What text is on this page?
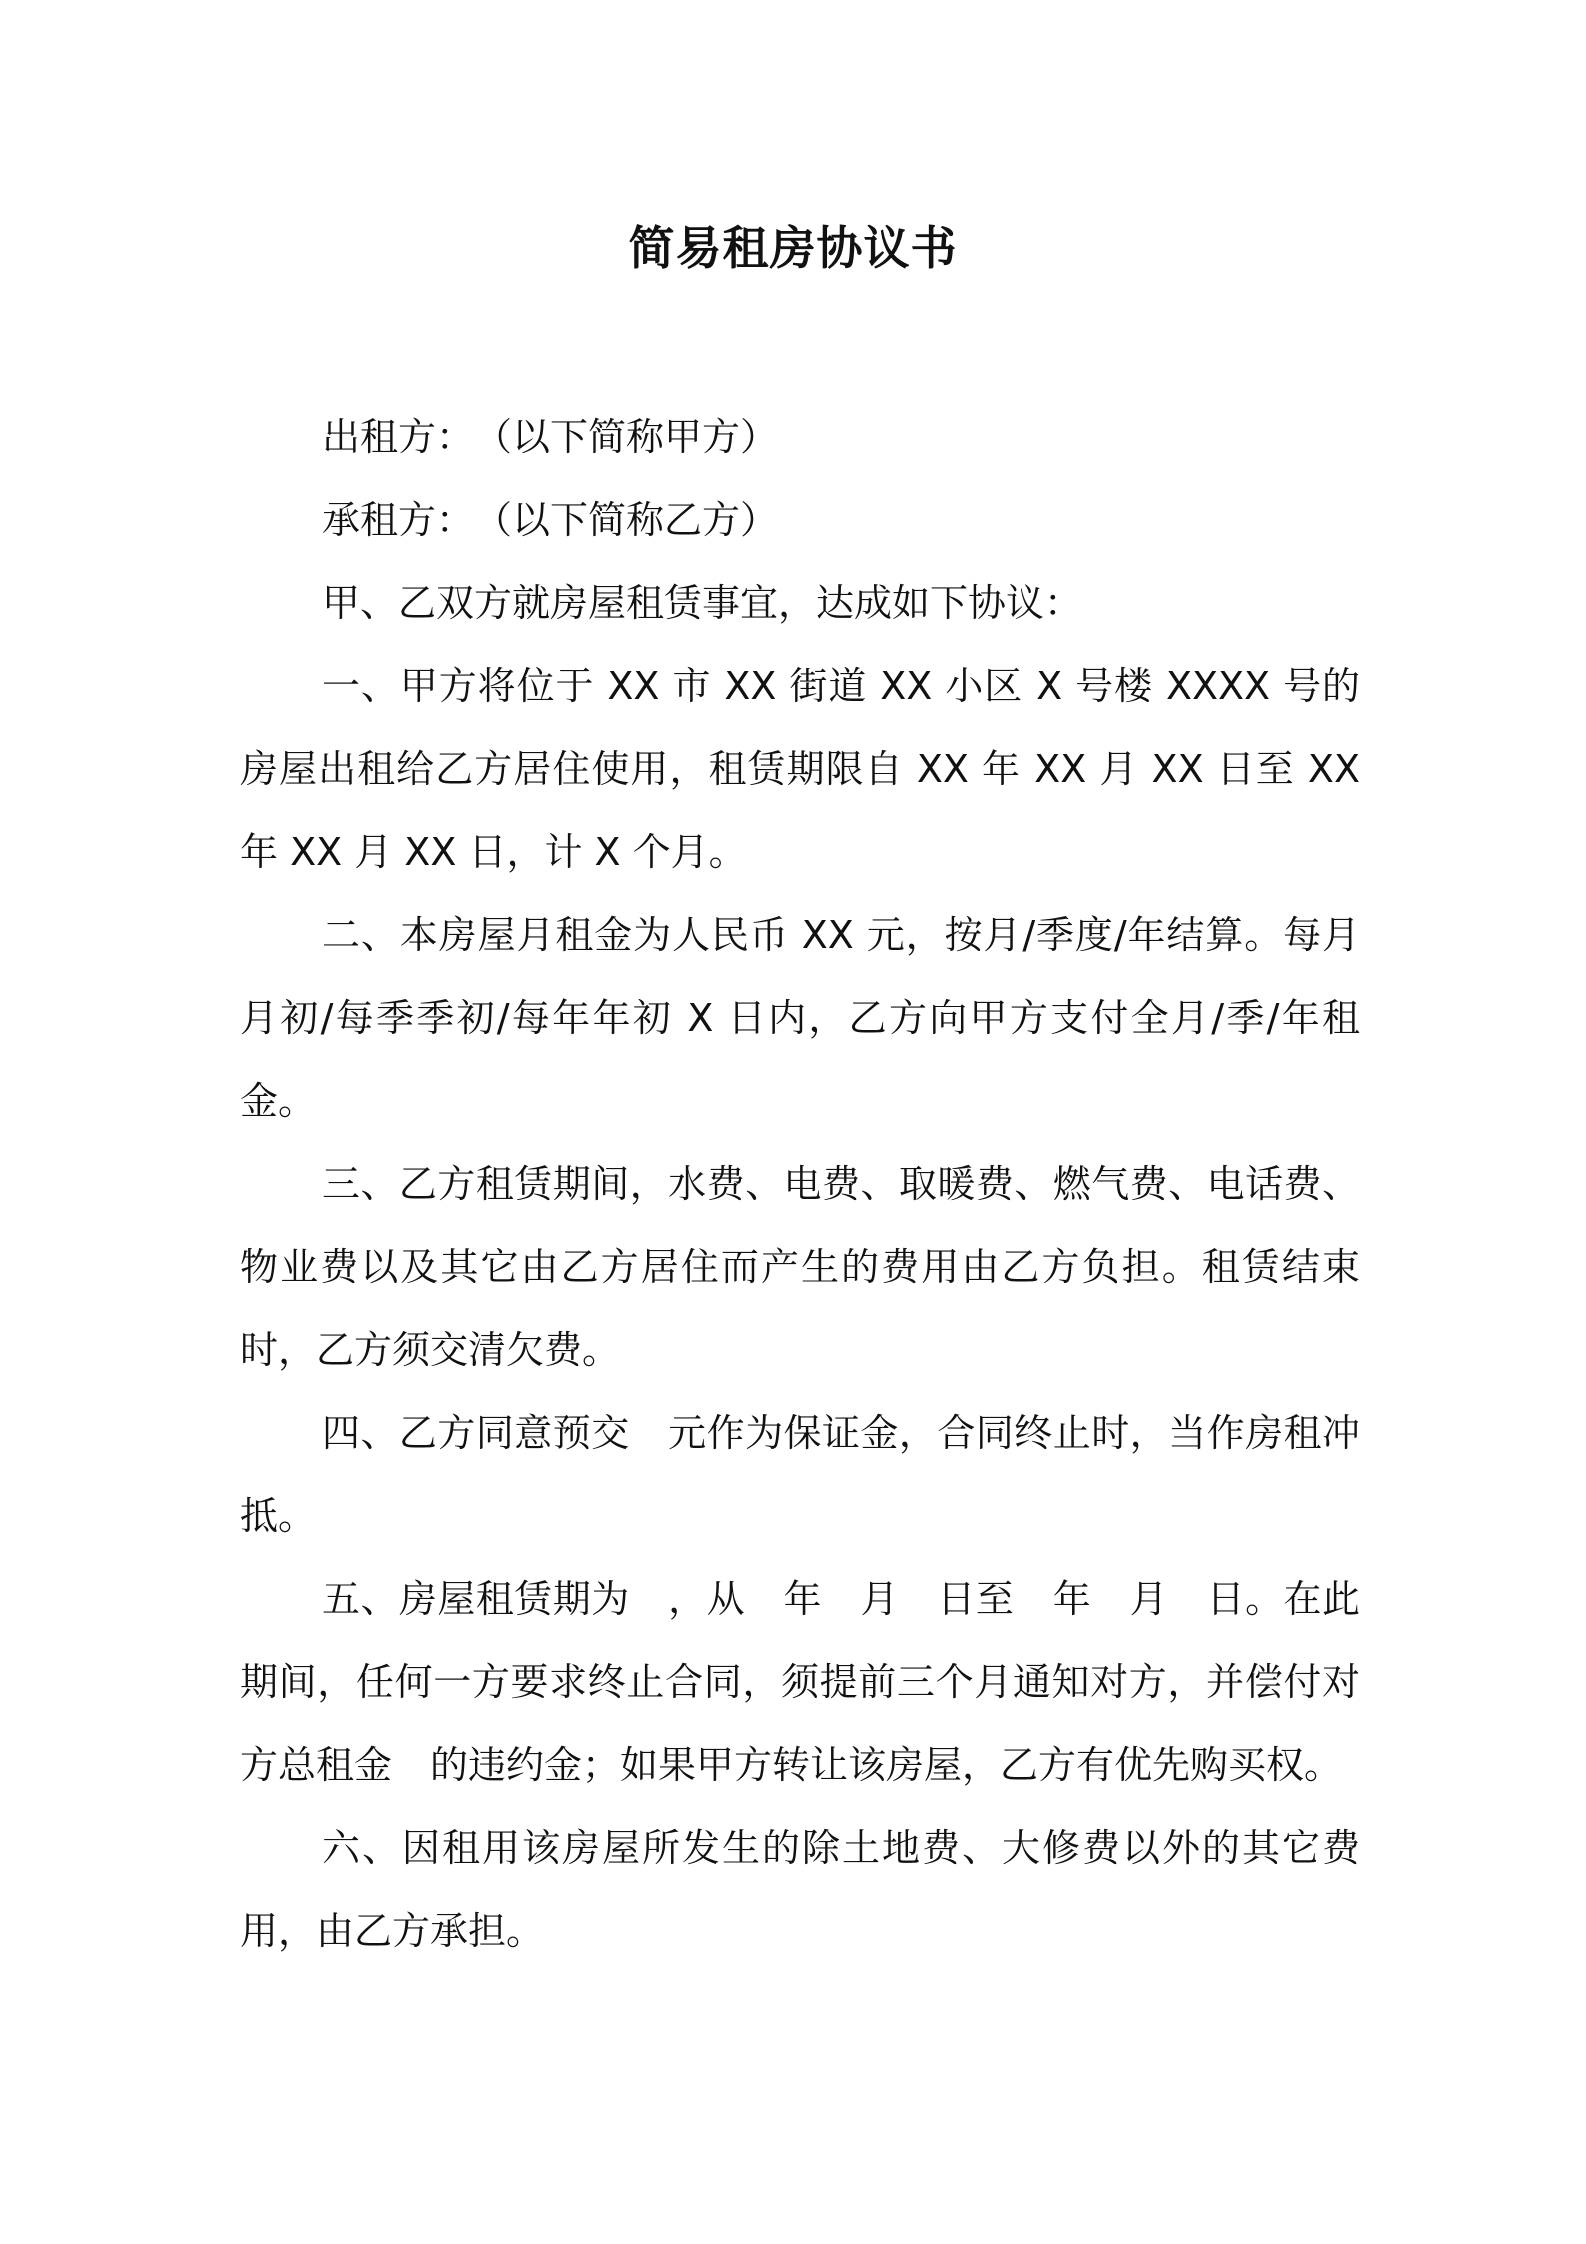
简易租房协议书

出租方：　（以下简称甲方）

承租方：　（以下简称乙方）

甲、乙双方就房屋租赁事宜，达成如下协议：

一、甲方将位于 XX 市 XX 街道 XX 小区 X 号楼 XXXX 号的房屋出租给乙方居住使用，租赁期限自 XX 年 XX 月 XX 日至 XX 年 XX 月 XX 日，计 X 个月。

二、本房屋月租金为人民币 XX 元，按月/季度/年结算。每月月初/每季季初/每年年初 X 日内，乙方向甲方支付全月/季/年租金。

三、乙方租赁期间，水费、电费、取暖费、燃气费、电话费、物业费以及其它由乙方居住而产生的费用由乙方负担。租赁结束时，乙方须交清欠费。

四、乙方同意预交　元作为保证金，合同终止时，当作房租冲抵。

五、房屋租赁期为　，从　年　月　日至　年　月　日。在此期间，任何一方要求终止合同，须提前三个月通知对方，并偿付对方总租金　的违约金；如果甲方转让该房屋，乙方有优先购买权。

六、因租用该房屋所发生的除土地费、大修费以外的其它费用，由乙方承担。
